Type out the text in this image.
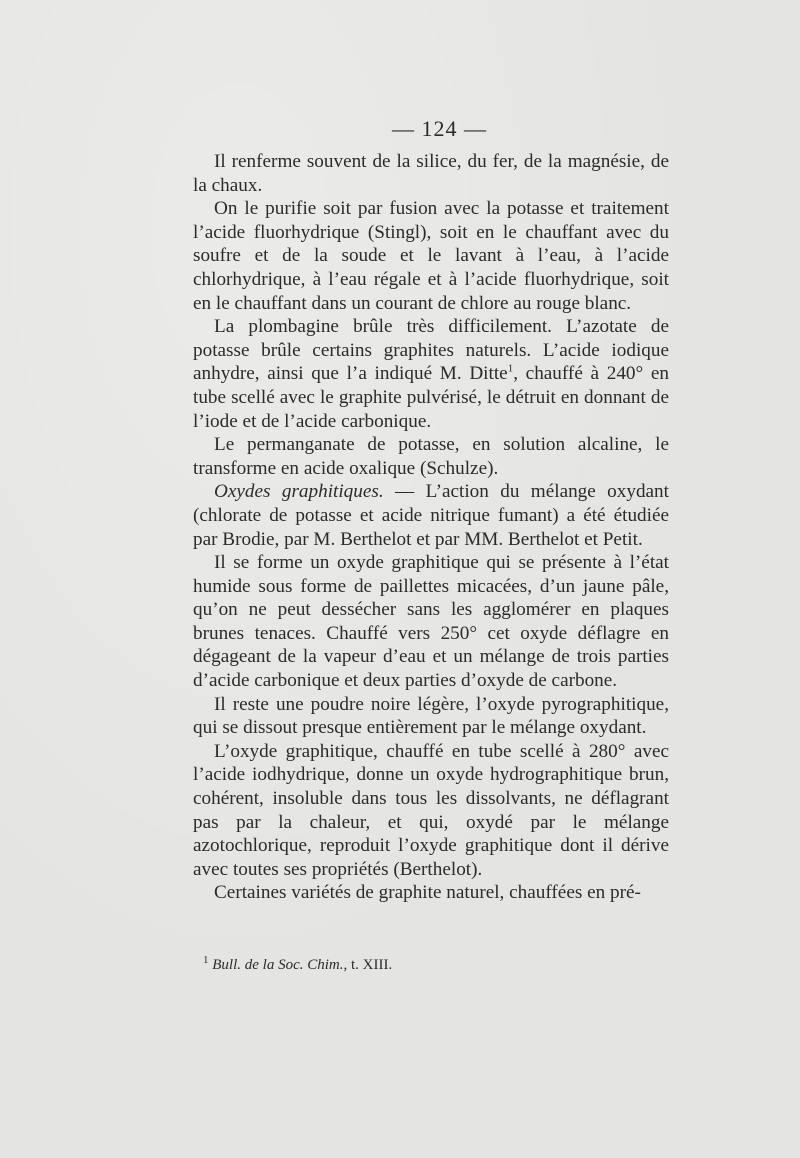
— 124 —

Il renferme souvent de la silice, du fer, de la magnésie, de la chaux.

On le purifie soit par fusion avec la potasse et traitement l’acide fluorhydrique (Stingl), soit en le chauffant avec du soufre et de la soude et le lavant à l’eau, à l’acide chlorhydrique, à l’eau régale et à l’acide fluorhydrique, soit en le chauffant dans un courant de chlore au rouge blanc.

La plombagine brûle très difficilement. L’azotate de potasse brûle certains graphites naturels. L’acide iodique anhydre, ainsi que l’a indiqué M. Ditte$^1$, chauffé à 240° en tube scellé avec le graphite pulvérisé, le détruit en donnant de l’iode et de l’acide carbonique.

Le permanganate de potasse, en solution alcaline, le transforme en acide oxalique (Schulze).

Oxydes graphitiques. — L’action du mélange oxydant (chlorate de potasse et acide nitrique fumant) a été étudiée par Brodie, par M. Berthelot et par MM. Berthelot et Petit.

Il se forme un oxyde graphitique qui se présente à l’état humide sous forme de paillettes micacées, d’un jaune pâle, qu’on ne peut dessécher sans les agglomérer en plaques brunes tenaces. Chauffé vers 250° cet oxyde déflagre en dégageant de la vapeur d’eau et un mélange de trois parties d’acide carbonique et deux parties d’oxyde de carbone.

Il reste une poudre noire légère, l’oxyde pyrographitique, qui se dissout presque entièrement par le mélange oxydant.

L’oxyde graphitique, chauffé en tube scellé à 280° avec l’acide iodhydrique, donne un oxyde hydrographitique brun, cohérent, insoluble dans tous les dissolvants, ne déflagrant pas par la chaleur, et qui, oxydé par le mélange azotochlorique, reproduit l’oxyde graphitique dont il dérive avec toutes ses propriétés (Berthelot).

Certaines variétés de graphite naturel, chauffées en pré-

$^1$ Bull. de la Soc. Chim., t. XIII.
